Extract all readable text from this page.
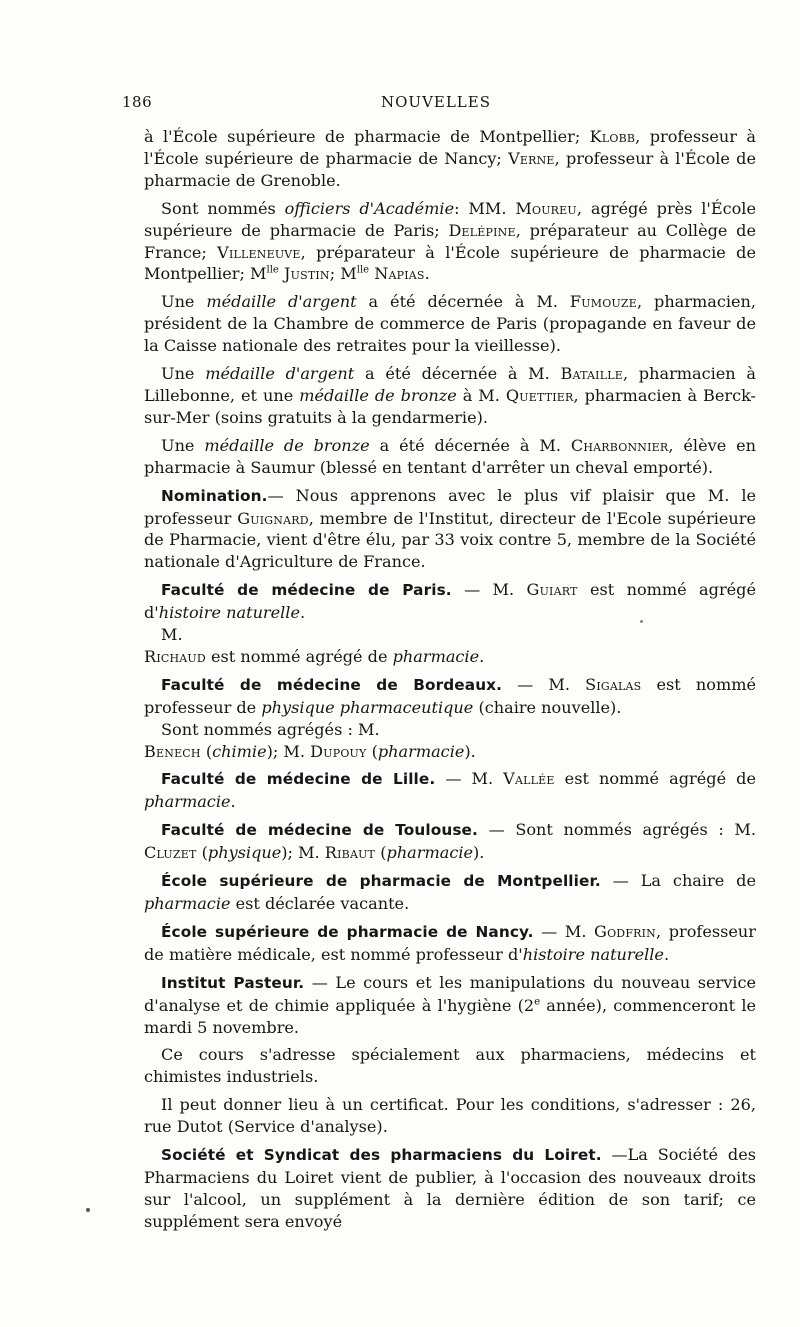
186	NOUVELLES

à l'École supérieure de pharmacie de Montpellier; Klobb, professeur à l'École supérieure de pharmacie de Nancy; Verne, professeur à l'École de pharmacie de Grenoble.

Sont nommés officiers d'Académie: MM. Moureu, agrégé près l'École supérieure de pharmacie de Paris; Delépine, préparateur au Collège de France; Villeneuve, préparateur à l'École supérieure de pharmacie de Montpellier; $M^{lle}$ Justin; $M^{lle}$ Napias.

Une médaille d'argent a été décernée à M. Fumouze, pharmacien, président de la Chambre de commerce de Paris (propagande en faveur de la Caisse nationale des retraites pour la vieillesse).

Une médaille d'argent a été décernée à M. Bataille, pharmacien à Lillebonne, et une médaille de bronze à M. Quettier, pharmacien à Berck-sur-Mer (soins gratuits à la gendarmerie).

Une médaille de bronze a été décernée à M. Charbonnier, élève en pharmacie à Saumur (blessé en tentant d'arrêter un cheval emporté).

Nomination.— Nous apprenons avec le plus vif plaisir que M. le professeur Guignard, membre de l'Institut, directeur de l'Ecole supérieure de Pharmacie, vient d'être élu, par 33 voix contre 5, membre de la Société nationale d'Agriculture de France.

Faculté de médecine de Paris. — M. Guiart est nommé agrégé d'histoire naturelle.
M.
Richaud est nommé agrégé de pharmacie.

Faculté de médecine de Bordeaux. — M. Sigalas est nommé professeur de physique pharmaceutique (chaire nouvelle).
Sont nommés agrégés : M.
Benech (chimie); M. Dupouy (pharmacie).

Faculté de médecine de Lille. — M. Vallée est nommé agrégé de pharmacie.

Faculté de médecine de Toulouse. — Sont nommés agrégés : M. Cluzet (physique); M. Ribaut (pharmacie).

École supérieure de pharmacie de Montpellier. — La chaire de pharmacie est déclarée vacante.

École supérieure de pharmacie de Nancy. — M. Godfrin, professeur de matière médicale, est nommé professeur d'histoire naturelle.

Institut Pasteur. — Le cours et les manipulations du nouveau service d'analyse et de chimie appliquée à l'hygiène (2e année), commenceront le mardi 5 novembre.

Ce cours s'adresse spécialement aux pharmaciens, médecins et chimistes industriels.

Il peut donner lieu à un certificat. Pour les conditions, s'adresser : 26, rue Dutot (Service d'analyse).

Société et Syndicat des pharmaciens du Loiret. —La Société des Pharmaciens du Loiret vient de publier, à l'occasion des nouveaux droits sur l'alcool, un supplément à la dernière édition de son tarif; ce supplément sera envoyé
